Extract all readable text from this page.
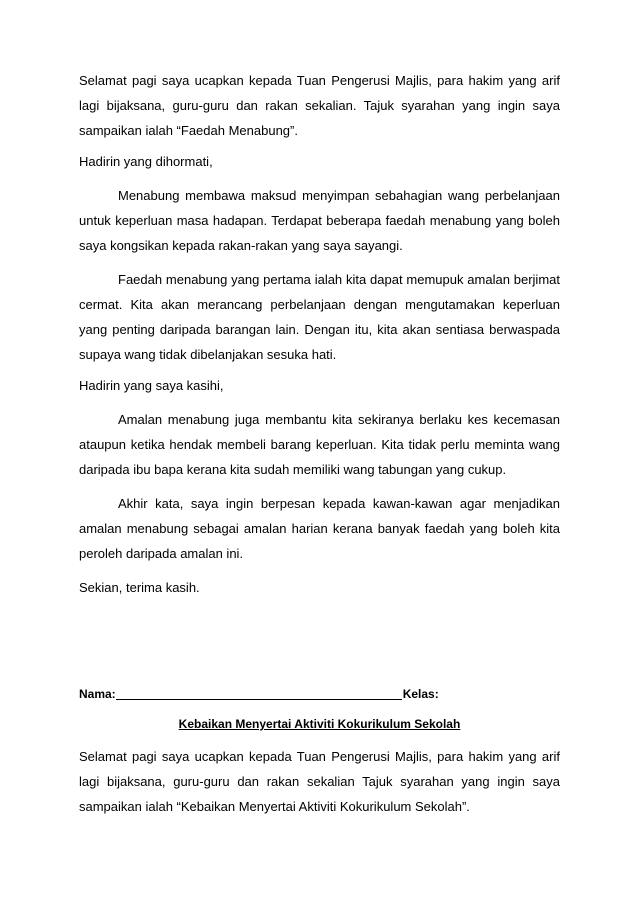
Selamat pagi saya ucapkan kepada Tuan Pengerusi Majlis, para hakim yang arif lagi bijaksana, guru-guru dan rakan sekalian. Tajuk syarahan yang ingin saya sampaikan ialah “Faedah Menabung”.

Hadirin yang dihormati,

Menabung membawa maksud menyimpan sebahagian wang perbelanjaan untuk keperluan masa hadapan. Terdapat beberapa faedah menabung yang boleh saya kongsikan kepada rakan-rakan yang saya sayangi.

Faedah menabung yang pertama ialah kita dapat memupuk amalan berjimat cermat. Kita akan merancang perbelanjaan dengan mengutamakan keperluan yang penting daripada barangan lain. Dengan itu, kita akan sentiasa berwaspada supaya wang tidak dibelanjakan sesuka hati.

Hadirin yang saya kasihi,

Amalan menabung juga membantu kita sekiranya berlaku kes kecemasan ataupun ketika hendak membeli barang keperluan. Kita tidak perlu meminta wang daripada ibu bapa kerana kita sudah memiliki wang tabungan yang cukup.

Akhir kata, saya ingin berpesan kepada kawan-kawan agar menjadikan amalan menabung sebagai amalan harian kerana banyak faedah yang boleh kita peroleh daripada amalan ini.

Sekian, terima kasih.

Nama:	Kelas:
Kebaikan Menyertai Aktiviti Kokurikulum Sekolah

Selamat pagi saya ucapkan kepada Tuan Pengerusi Majlis, para hakim yang arif lagi bijaksana, guru-guru dan rakan sekalian Tajuk syarahan yang ingin saya sampaikan ialah “Kebaikan Menyertai Aktiviti Kokurikulum Sekolah”.
